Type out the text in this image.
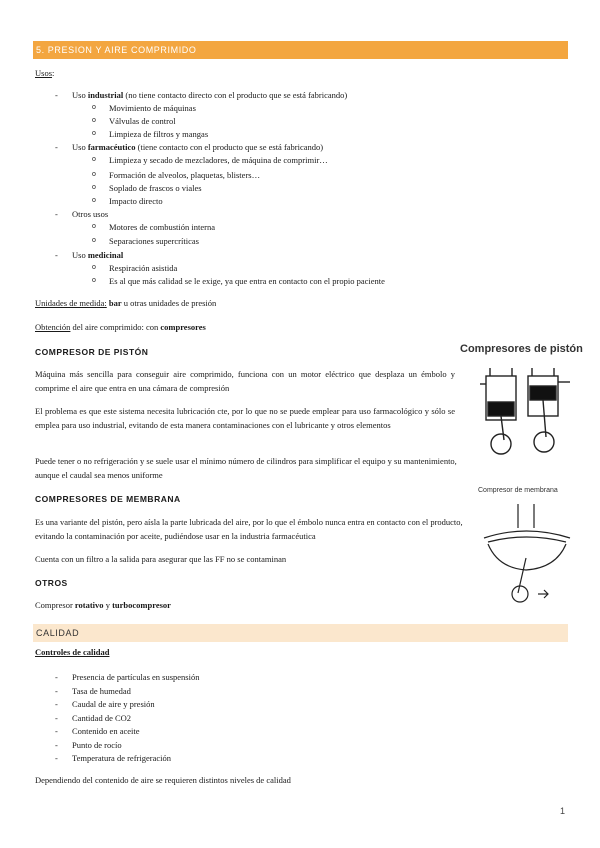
5. PRESION Y AIRE COMPRIMIDO
Usos:
- Uso industrial (no tiene contacto directo con el producto que se está fabricando)
o Movimiento de máquinas
o Válvulas de control
o Limpieza de filtros y mangas
- Uso farmacéutico (tiene contacto con el producto que se está fabricando)
o Limpieza y secado de mezcladores, de máquina de comprimir…
o Formación de alveolos, plaquetas, blisters…
o Soplado de frascos o viales
o Impacto directo
- Otros usos
o Motores de combustión interna
o Separaciones supercríticas
- Uso medicinal
o Respiración asistida
o Es al que más calidad se le exige, ya que entra en contacto con el propio paciente
Unidades de medida: bar u otras unidades de presión
Obtención del aire comprimido: con compresores
COMPRESOR DE PISTÓN
Máquina más sencilla para conseguir aire comprimido, funciona con un motor eléctrico que desplaza un émbolo y comprime el aire que entra en una cámara de compresión
El problema es que este sistema necesita lubricación cte, por lo que no se puede emplear para uso farmacológico y sólo se emplea para uso industrial, evitando de esta manera contaminaciones con el lubricante y otros elementos
Puede tener o no refrigeración y se suele usar el mínimo número de cilindros para simplificar el equipo y su mantenimiento, aunque el caudal sea menos uniforme
Compresores de pistón
COMPRESORES DE MEMBRANA
Es una variante del pistón, pero aísla la parte lubricada del aire, por lo que el émbolo nunca entra en contacto con el producto, evitando la contaminación por aceite, pudiéndose usar en la industria farmacéutica
Cuenta con un filtro a la salida para asegurar que las FF no se contaminan
Compresor de membrana
OTROS
Compresor rotativo y turbocompresor
CALIDAD
Controles de calidad
- Presencia de partículas en suspensión
- Tasa de humedad
- Caudal de aire y presión
- Cantidad de CO2
- Contenido en aceite
- Punto de rocío
- Temperatura de refrigeración
Dependiendo del contenido de aire se requieren distintos niveles de calidad
1
